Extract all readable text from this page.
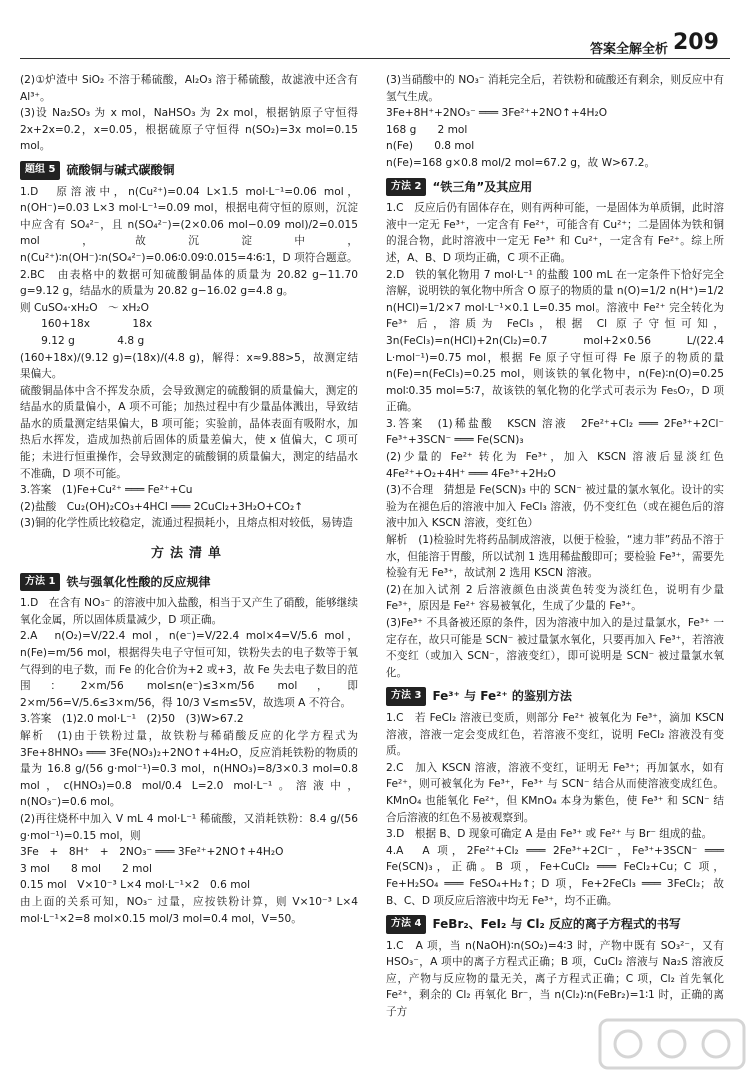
答案全解全析 209

(2)①炉渣中 SiO₂ 不溶于稀硫酸，Al₂O₃ 溶于稀硫酸，故滤液中还含有 Al³⁺。

(3)设 Na₂SO₃ 为 x mol，NaHSO₃ 为 2x mol，根据钠原子守恒得 2x+2x=0.2，x=0.05，根据硫原子守恒得 n(SO₂)=3x mol=0.15 mol。

题组 5 硫酸铜与碱式碳酸铜

1.D　原溶液中，n(Cu²⁺)=0.04 L×1.5 mol·L⁻¹=0.06 mol，n(OH⁻)=0.03 L×3 mol·L⁻¹=0.09 mol，根据电荷守恒的原则，沉淀中应含有 SO₄²⁻，且 n(SO₄²⁻)=(2×0.06 mol−0.09 mol)/2=0.015 mol，故沉淀中，n(Cu²⁺)∶n(OH⁻)∶n(SO₄²⁻)=0.06∶0.09∶0.015=4∶6∶1，D 项符合题意。

2.BC　由表格中的数据可知硫酸铜晶体的质量为 20.82 g−11.70 g=9.12 g，结晶水的质量为 20.82 g−16.02 g=4.8 g。

则 CuSO₄·xH₂O　～ xH₂O

　　160+18x　　　　18x

　　9.12 g　　　　4.8 g

(160+18x)/(9.12 g)=(18x)/(4.8 g)，解得：x≈9.88>5，故测定结果偏大。

硫酸铜晶体中含不挥发杂质，会导致测定的硫酸铜的质量偏大，测定的结晶水的质量偏小，A 项不可能；加热过程中有少量晶体溅出，导致结晶水的质量测定结果偏大，B 项可能；实验前，晶体表面有吸附水，加热后水挥发，造成加热前后固体的质量差偏大，使 x 值偏大，C 项可能；未进行恒重操作，会导致测定的硫酸铜的质量偏大，测定的结晶水不准确，D 项不可能。

3.答案　(1)Fe+Cu²⁺ ═══ Fe²⁺+Cu

(2)盐酸　Cu₂(OH)₂CO₃+4HCl ═══ 2CuCl₂+3H₂O+CO₂↑

(3)铜的化学性质比较稳定，流通过程损耗小，且熔点相对较低，易铸造

方法清单
方法 1 铁与强氧化性酸的反应规律

1.D　在含有 NO₃⁻ 的溶液中加入盐酸，相当于又产生了硝酸，能够继续氧化金属，所以固体质量减少，D 项正确。

2.A　n(O₂)=V/22.4 mol，n(e⁻)=V/22.4 mol×4=V/5.6 mol，n(Fe)=m/56 mol，根据得失电子守恒可知，铁粉失去的电子数等于氧气得到的电子数，而 Fe 的化合价为+2 或+3，故 Fe 失去电子数目的范围：2×m/56 mol≤n(e⁻)≤3×m/56 mol，即 2×m/56=V/5.6≤3×m/56，得 10/3 V≤m≤5V，故选项 A 不符合。

3.答案　(1)2.0 mol·L⁻¹　(2)50　(3)W>67.2

解析　(1)由于铁粉过量，故铁粉与稀硝酸反应的化学方程式为 3Fe+8HNO₃ ═══ 3Fe(NO₃)₂+2NO↑+4H₂O，反应消耗铁粉的物质的量为 16.8 g/(56 g·mol⁻¹)=0.3 mol，n(HNO₃)=8/3×0.3 mol=0.8 mol，c(HNO₃)=0.8 mol/0.4 L=2.0 mol·L⁻¹。溶液中，n(NO₃⁻)=0.6 mol。

(2)再往烧杯中加入 V mL 4 mol·L⁻¹ 稀硫酸，又消耗铁粉：8.4 g/(56 g·mol⁻¹)=0.15 mol，则

3Fe　+　8H⁺　+　2NO₃⁻ ═══ 3Fe²⁺+2NO↑+4H₂O

3 mol　　8 mol　　2 mol

0.15 mol　V×10⁻³ L×4 mol·L⁻¹×2　0.6 mol

由上面的关系可知，NO₃⁻ 过量，应按铁粉计算，则 V×10⁻³ L×4 mol·L⁻¹×2=8 mol×0.15 mol/3 mol=0.4 mol，V=50。

(3)当硝酸中的 NO₃⁻ 消耗完全后，若铁粉和硫酸还有剩余，则反应中有氢气生成。

3Fe+8H⁺+2NO₃⁻ ═══ 3Fe²⁺+2NO↑+4H₂O

168 g　　2 mol

n(Fe)　　0.8 mol

n(Fe)=168 g×0.8 mol/2 mol=67.2 g，故 W>67.2。

方法 2 “铁三角”及其应用

1.C　反应后仍有固体存在，则有两种可能，一是固体为单质铜，此时溶液中一定无 Fe³⁺，一定含有 Fe²⁺，可能含有 Cu²⁺；二是固体为铁和铜的混合物，此时溶液中一定无 Fe³⁺ 和 Cu²⁺，一定含有 Fe²⁺。综上所述，A、B、D 项均正确，C 项不正确。

2.D　铁的氧化物用 7 mol·L⁻¹ 的盐酸 100 mL 在一定条件下恰好完全溶解，说明铁的氧化物中所含 O 原子的物质的量 n(O)=1/2 n(H⁺)=1/2 n(HCl)=1/2×7 mol·L⁻¹×0.1 L=0.35 mol。溶液中 Fe²⁺ 完全转化为 Fe³⁺ 后，溶质为 FeCl₃，根据 Cl 原子守恒可知，3n(FeCl₃)=n(HCl)+2n(Cl₂)=0.7 mol+2×0.56 L/(22.4 L·mol⁻¹)=0.75 mol，根据 Fe 原子守恒可得 Fe 原子的物质的量 n(Fe)=n(FeCl₃)=0.25 mol，则该铁的氧化物中，n(Fe)∶n(O)=0.25 mol∶0.35 mol=5∶7，故该铁的氧化物的化学式可表示为 Fe₅O₇，D 项正确。

3.答案　(1)稀盐酸　KSCN 溶液　2Fe²⁺+Cl₂ ═══ 2Fe³⁺+2Cl⁻　Fe³⁺+3SCN⁻ ═══ Fe(SCN)₃

(2)少量的 Fe²⁺ 转化为 Fe³⁺，加入 KSCN 溶液后显淡红色　4Fe²⁺+O₂+4H⁺ ═══ 4Fe³⁺+2H₂O

(3)不合理　猜想是 Fe(SCN)₃ 中的 SCN⁻ 被过量的氯水氧化。设计的实验为在褪色后的溶液中加入 FeCl₃ 溶液，仍不变红色（或在褪色后的溶液中加入 KSCN 溶液，变红色）

解析　(1)检验时先将药品制成溶液，以便于检验，“速力菲”药品不溶于水，但能溶于胃酸，所以试剂 1 选用稀盐酸即可；要检验 Fe³⁺，需要先检验有无 Fe³⁺，故试剂 2 选用 KSCN 溶液。

(2)在加入试剂 2 后溶液颜色由淡黄色转变为淡红色，说明有少量 Fe³⁺，原因是 Fe²⁺ 容易被氧化，生成了少量的 Fe³⁺。

(3)Fe³⁺ 不具备被还原的条件，因为溶液中加入的是过量氯水，Fe³⁺ 一定存在，故只可能是 SCN⁻ 被过量氯水氧化，只要再加入 Fe³⁺，若溶液不变红（或加入 SCN⁻，溶液变红），即可说明是 SCN⁻ 被过量氯水氧化。

方法 3 Fe³⁺ 与 Fe²⁺ 的鉴别方法

1.C　若 FeCl₂ 溶液已变质，则部分 Fe²⁺ 被氧化为 Fe³⁺，滴加 KSCN 溶液，溶液一定会变成红色，若溶液不变红，说明 FeCl₂ 溶液没有变质。

2.C　加入 KSCN 溶液，溶液不变红，证明无 Fe³⁺；再加氯水，如有 Fe²⁺，则可被氧化为 Fe³⁺，Fe³⁺ 与 SCN⁻ 结合从而使溶液变成红色。KMnO₄ 也能氧化 Fe²⁺，但 KMnO₄ 本身为紫色，使 Fe³⁺ 和 SCN⁻ 结合后溶液的红色不易被观察到。

3.D　根据 B、D 现象可确定 A 是由 Fe³⁺ 或 Fe²⁺ 与 Br⁻ 组成的盐。

4.A　A 项，2Fe²⁺+Cl₂ ═══ 2Fe³⁺+2Cl⁻，Fe³⁺+3SCN⁻ ═══ Fe(SCN)₃，正确。B 项，Fe+CuCl₂ ═══ FeCl₂+Cu；C 项，Fe+H₂SO₄ ═══ FeSO₄+H₂↑；D 项，Fe+2FeCl₃ ═══ 3FeCl₂；故 B、C、D 项反应后溶液中均无 Fe³⁺，均不正确。

方法 4 FeBr₂、FeI₂ 与 Cl₂ 反应的离子方程式的书写

1.C　A 项，当 n(NaOH)∶n(SO₂)=4∶3 时，产物中既有 SO₃²⁻，又有 HSO₃⁻，A 项中的离子方程式正确；B 项，CuCl₂ 溶液与 Na₂S 溶液反应，产物与反应物的量无关，离子方程式正确；C 项，Cl₂ 首先氧化 Fe²⁺，剩余的 Cl₂ 再氧化 Br⁻，当 n(Cl₂)∶n(FeBr₂)=1∶1 时，正确的离子方
